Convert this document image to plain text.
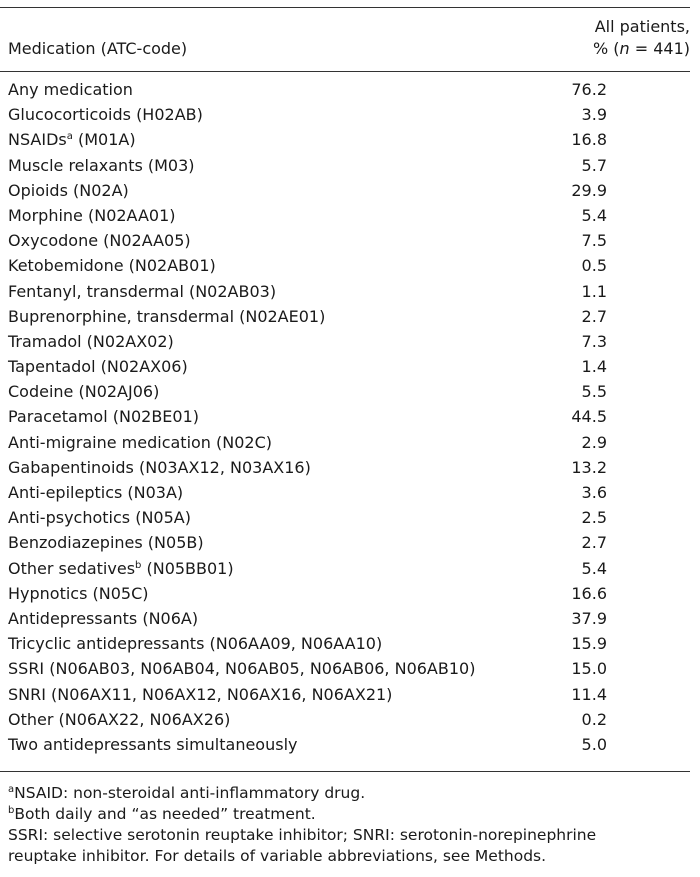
Medication (ATC-code)
All patients,
% (n = 441)
Any medication	76.2
Glucocorticoids (H02AB)	3.9
NSAIDs$^a$ (M01A)	16.8
Muscle relaxants (M03)	5.7
Opioids (N02A)	29.9
Morphine (N02AA01)	5.4
Oxycodone (N02AA05)	7.5
Ketobemidone (N02AB01)	0.5
Fentanyl, transdermal (N02AB03)	1.1
Buprenorphine, transdermal (N02AE01)	2.7
Tramadol (N02AX02)	7.3
Tapentadol (N02AX06)	1.4
Codeine (N02AJ06)	5.5
Paracetamol (N02BE01)	44.5
Anti-migraine medication (N02C)	2.9
Gabapentinoids (N03AX12, N03AX16)	13.2
Anti-epileptics (N03A)	3.6
Anti-psychotics (N05A)	2.5
Benzodiazepines (N05B)	2.7
Other sedatives$^b$ (N05BB01)	5.4
Hypnotics (N05C)	16.6
Antidepressants (N06A)	37.9
Tricyclic antidepressants (N06AA09, N06AA10)	15.9
SSRI (N06AB03, N06AB04, N06AB05, N06AB06, N06AB10)	15.0
SNRI (N06AX11, N06AX12, N06AX16, N06AX21)	11.4
Other (N06AX22, N06AX26)	0.2
Two antidepressants simultaneously	5.0
$^a$NSAID: non-steroidal anti-inflammatory drug.
$^b$Both daily and “as needed” treatment.
SSRI: selective serotonin reuptake inhibitor; SNRI: serotonin-norepinephrine
reuptake inhibitor. For details of variable abbreviations, see Methods.
